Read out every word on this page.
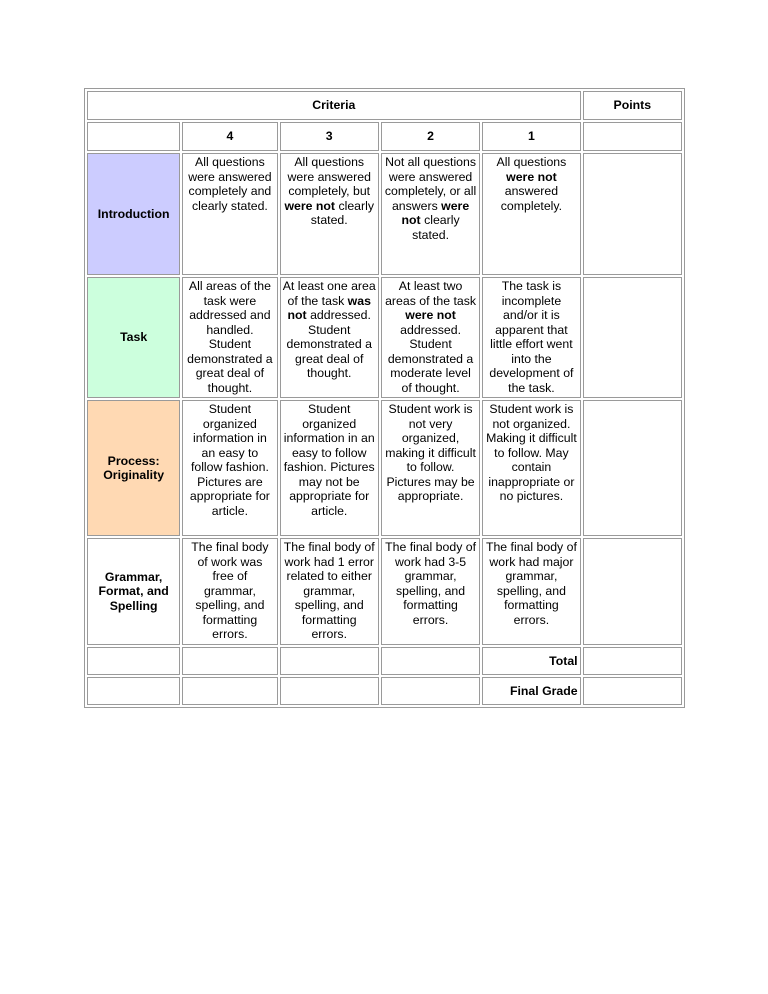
Criteria					Points
	4	3	2	1	
Introduction	All questions were answered completely and clearly stated.	All questions were answered completely, but were not clearly stated.	Not all questions were answered completely, or all answers were not clearly stated.	All questions were not answered completely.	
Task	All areas of the task were addressed and handled. Student demonstrated a great deal of thought.	At least one area of the task was not addressed. Student demonstrated a great deal of thought.	At least two areas of the task were not addressed. Student demonstrated a moderate level of thought.	The task is incomplete and/or it is apparent that little effort went into the development of the task.	
Process: Originality	Student organized information in an easy to follow fashion. Pictures are appropriate for article.	Student organized information in an easy to follow fashion. Pictures may not be appropriate for article.	Student work is not very organized, making it difficult to follow. Pictures may be appropriate.	Student work is not organized. Making it difficult to follow. May contain inappropriate or no pictures.	
Grammar, Format, and Spelling	The final body of work was free of grammar, spelling, and formatting errors.	The final body of work had 1 error related to either grammar, spelling, and formatting errors.	The final body of work had 3-5 grammar, spelling, and formatting errors.	The final body of work had major grammar, spelling, and formatting errors.	
				Total	
				Final Grade	
